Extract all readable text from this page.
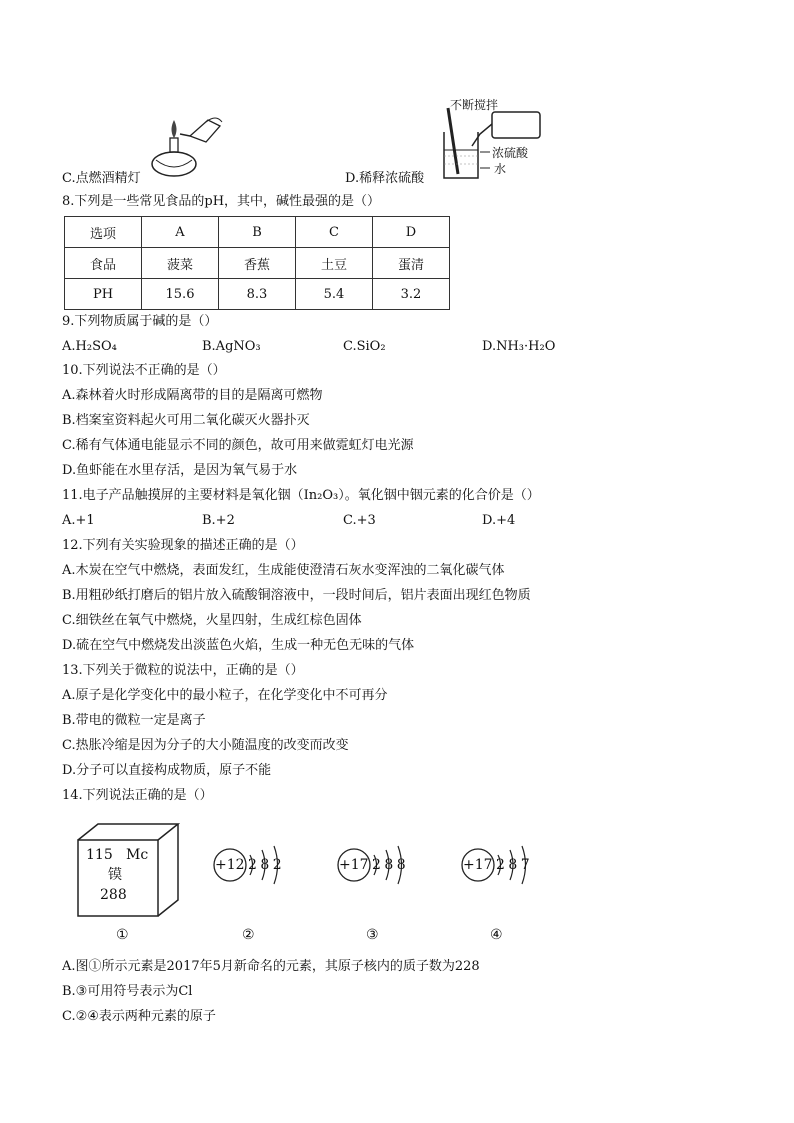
C.点燃酒精灯
不断搅拌
浓硫酸
水
D.稀释浓硫酸
8.下列是一些常见食品的pH，其中，碱性最强的是（）
选项	A	B	C	D
食品	菠菜	香蕉	土豆	蛋清
PH	15.6	8.3	5.4	3.2
9.下列物质属于碱的是（）
A.H₂SO₄	B.AgNO₃	C.SiO₂	D.NH₃·H₂O
10.下列说法不正确的是（）
A.森林着火时形成隔离带的目的是隔离可燃物
B.档案室资料起火可用二氧化碳灭火器扑灭
C.稀有气体通电能显示不同的颜色，故可用来做霓虹灯电光源
D.鱼虾能在水里存活，是因为氧气易于水
11.电子产品触摸屏的主要材料是氧化铟（In₂O₃）。氧化铟中铟元素的化合价是（）
A.+1	B.+2	C.+3	D.+4
12.下列有关实验现象的描述正确的是（）
A.木炭在空气中燃烧，表面发红，生成能使澄清石灰水变浑浊的二氧化碳气体
B.用粗砂纸打磨后的铝片放入硫酸铜溶液中，一段时间后，铝片表面出现红色物质
C.细铁丝在氧气中燃烧，火星四射，生成红棕色固体
D.硫在空气中燃烧发出淡蓝色火焰，生成一种无色无味的气体
13.下列关于微粒的说法中，正确的是（）
A.原子是化学变化中的最小粒子，在化学变化中不可再分
B.带电的微粒一定是离子
C.热胀冷缩是因为分子的大小随温度的改变而改变
D.分子可以直接构成物质，原子不能
14.下列说法正确的是（）
115 Mc
镆
288
+12 2 8 2	+17 2 8 8	+17 2 8 7
①	②	③	④
A.图①所示元素是2017年5月新命名的元素，其原子核内的质子数为228
B.③可用符号表示为Cl
C.②④表示两种元素的原子
